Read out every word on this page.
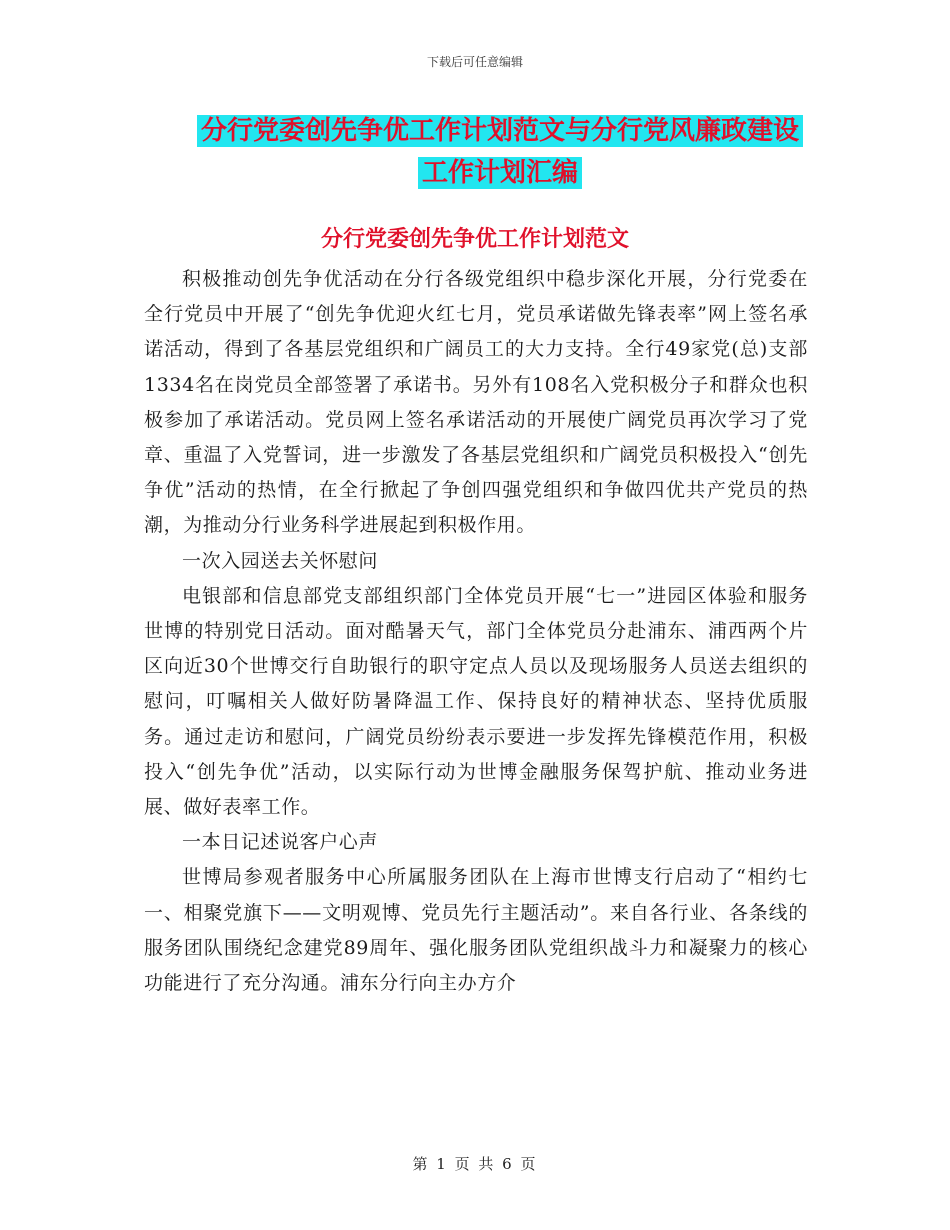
下载后可任意编辑
分行党委创先争优工作计划范文与分行党风廉政建设
工作计划汇编
分行党委创先争优工作计划范文

积极推动创先争优活动在分行各级党组织中稳步深化开展，分行党委在全行党员中开展了“创先争优迎火红七月，党员承诺做先锋表率”网上签名承诺活动，得到了各基层党组织和广阔员工的大力支持。全行49家党(总)支部1334名在岗党员全部签署了承诺书。另外有108名入党积极分子和群众也积极参加了承诺活动。党员网上签名承诺活动的开展使广阔党员再次学习了党章、重温了入党誓词，进一步激发了各基层党组织和广阔党员积极投入“创先争优”活动的热情，在全行掀起了争创四强党组织和争做四优共产党员的热潮，为推动分行业务科学进展起到积极作用。

一次入园送去关怀慰问

电银部和信息部党支部组织部门全体党员开展“七一”进园区体验和服务世博的特别党日活动。面对酷暑天气，部门全体党员分赴浦东、浦西两个片区向近30个世博交行自助银行的职守定点人员以及现场服务人员送去组织的慰问，叮嘱相关人做好防暑降温工作、保持良好的精神状态、坚持优质服务。通过走访和慰问，广阔党员纷纷表示要进一步发挥先锋模范作用，积极投入“创先争优”活动，以实际行动为世博金融服务保驾护航、推动业务进展、做好表率工作。

一本日记述说客户心声

世博局参观者服务中心所属服务团队在上海市世博支行启动了“相约七一、相聚党旗下——文明观博、党员先行主题活动”。来自各行业、各条线的服务团队围绕纪念建党89周年、强化服务团队党组织战斗力和凝聚力的核心功能进行了充分沟通。浦东分行向主办方介

第 1 页 共 6 页
